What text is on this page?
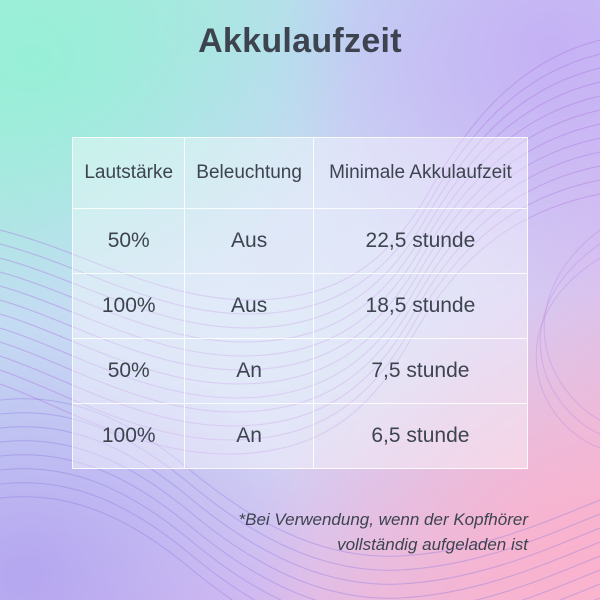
Akkulaufzeit
Lautstärke	Beleuchtung	Minimale Akkulaufzeit
50%	Aus	22,5 stunde
100%	Aus	18,5 stunde
50%	An	7,5 stunde
100%	An	6,5 stunde
*Bei Verwendung, wenn der Kopfhörer vollständig aufgeladen ist
